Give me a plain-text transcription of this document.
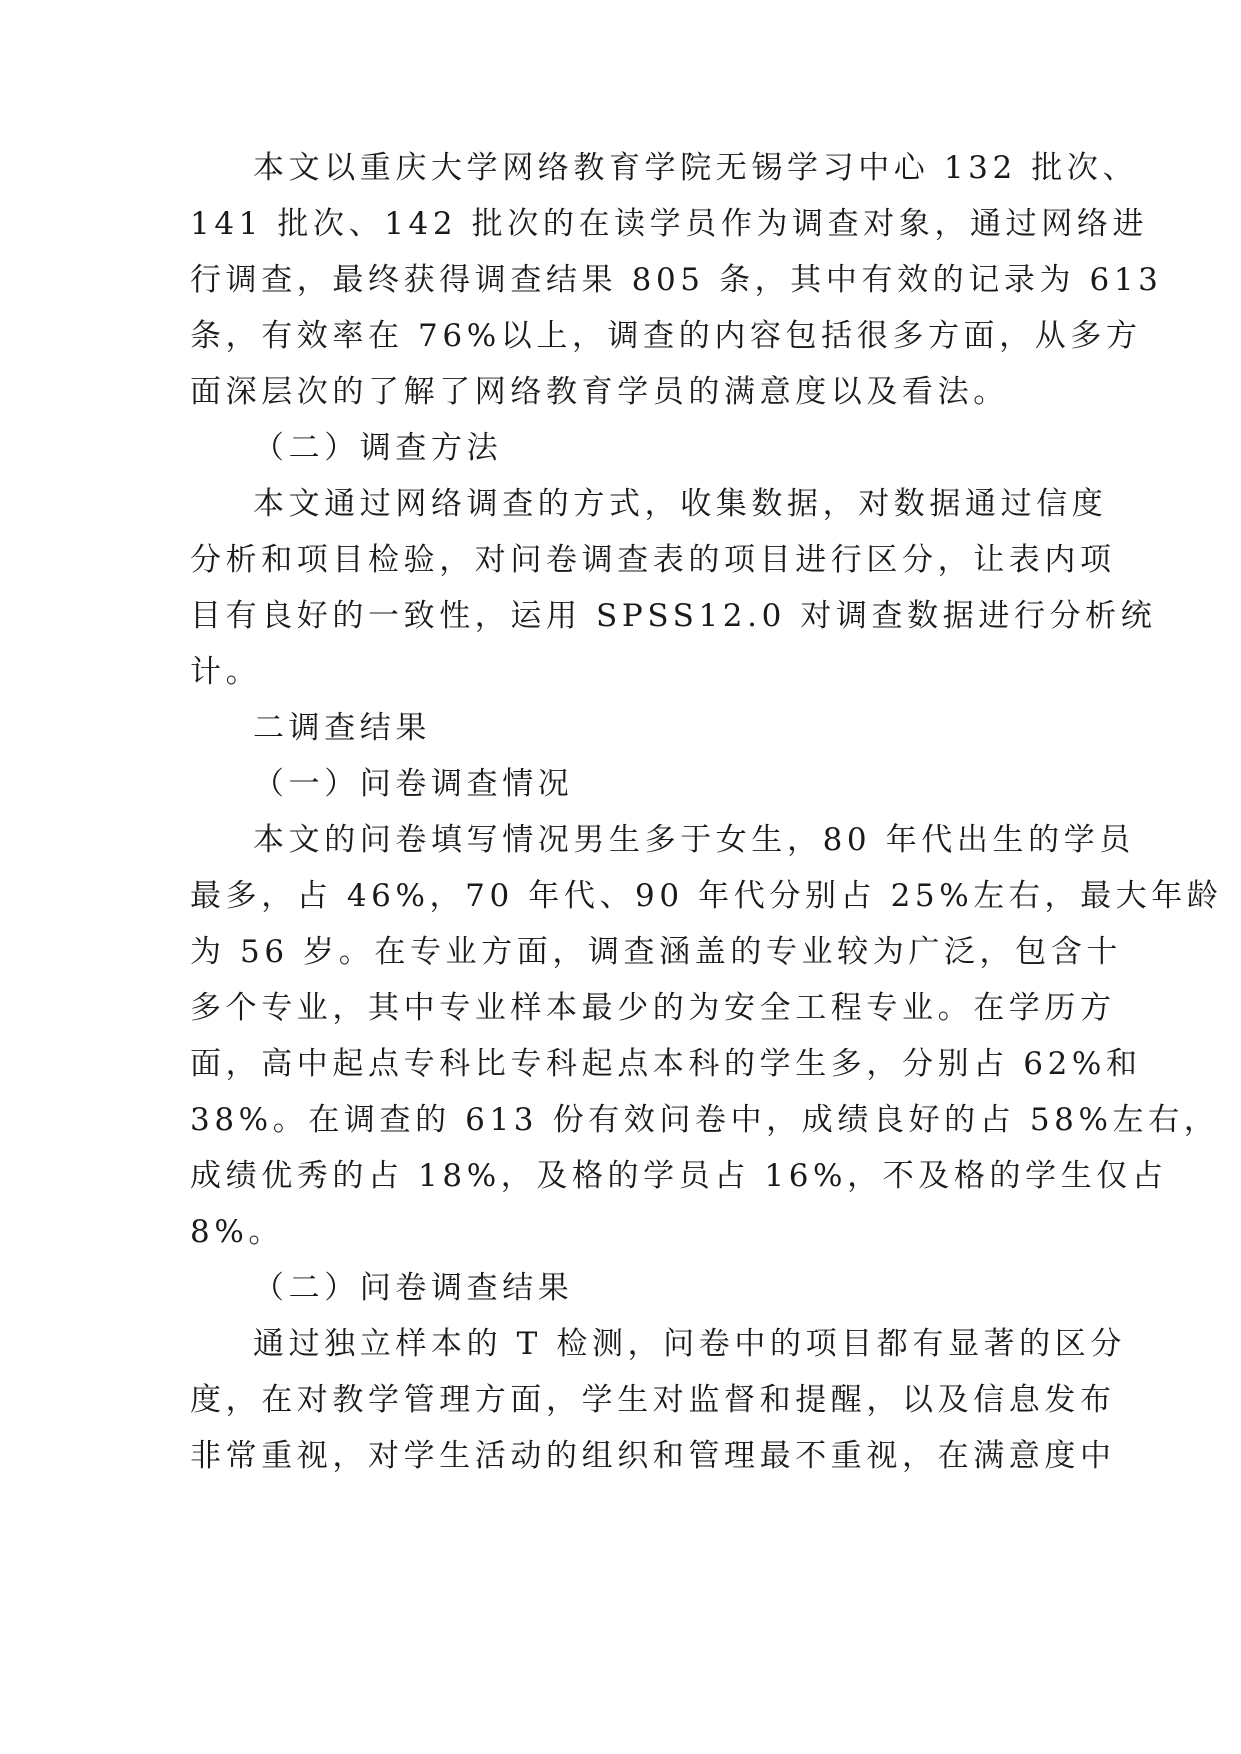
本文以重庆大学网络教育学院无锡学习中心 132 批次、

141 批次、142 批次的在读学员作为调查对象，通过网络进

行调查，最终获得调查结果 805 条，其中有效的记录为 613

条，有效率在 76%以上，调查的内容包括很多方面，从多方

面深层次的了解了网络教育学员的满意度以及看法。

（二）调查方法

本文通过网络调查的方式，收集数据，对数据通过信度

分析和项目检验，对问卷调查表的项目进行区分，让表内项

目有良好的一致性，运用 SPSS12.0 对调查数据进行分析统

计。

二调查结果

（一）问卷调查情况

本文的问卷填写情况男生多于女生，80 年代出生的学员

最多，占 46%，70 年代、90 年代分别占 25%左右，最大年龄

为 56 岁。在专业方面，调查涵盖的专业较为广泛，包含十

多个专业，其中专业样本最少的为安全工程专业。在学历方

面，高中起点专科比专科起点本科的学生多，分别占 62%和

38%。在调查的 613 份有效问卷中，成绩良好的占 58%左右，

成绩优秀的占 18%，及格的学员占 16%，不及格的学生仅占

8%。

（二）问卷调查结果

通过独立样本的 T 检测，问卷中的项目都有显著的区分

度，在对教学管理方面，学生对监督和提醒，以及信息发布

非常重视，对学生活动的组织和管理最不重视，在满意度中
